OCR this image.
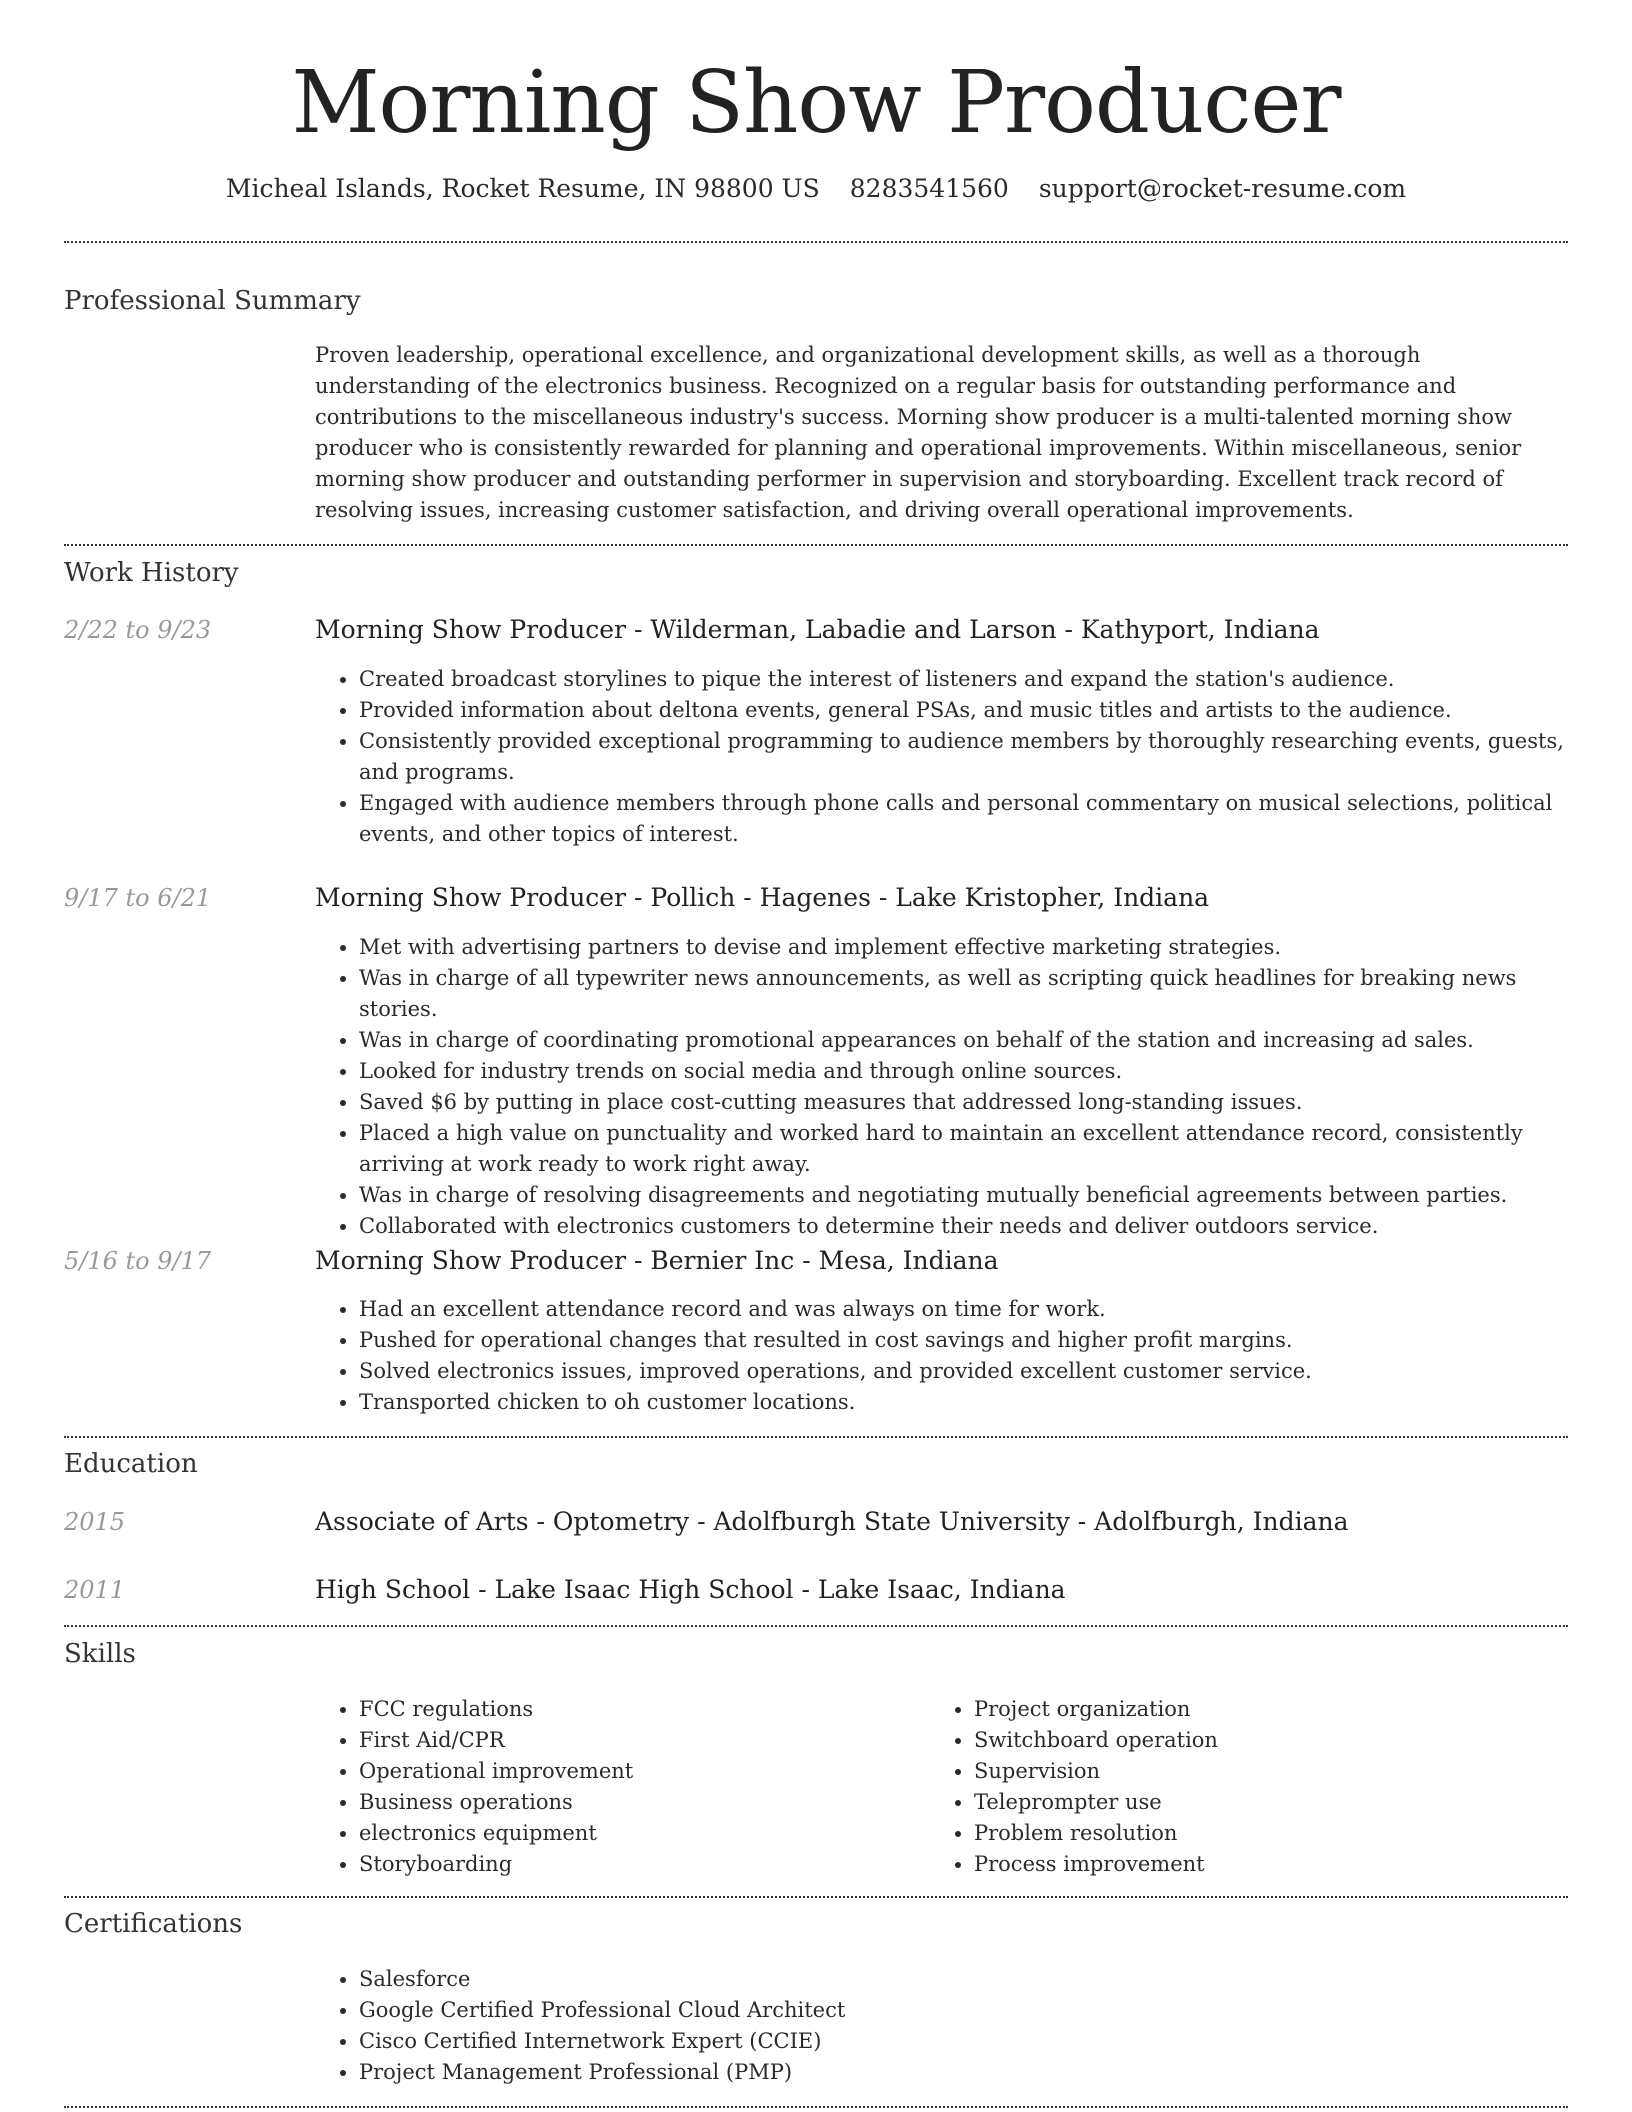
Morning Show Producer
Micheal Islands, Rocket Resume, IN 98800 US 8283541560 support@rocket-resume.com
Professional Summary

Proven leadership, operational excellence, and organizational development skills, as well as a thorough understanding of the electronics business. Recognized on a regular basis for outstanding performance and contributions to the miscellaneous industry's success. Morning show producer is a multi-talented morning show producer who is consistently rewarded for planning and operational improvements. Within miscellaneous, senior morning show producer and outstanding performer in supervision and storyboarding. Excellent track record of resolving issues, increasing customer satisfaction, and driving overall operational improvements.

Work History
2/22 to 9/23	Morning Show Producer - Wilderman, Labadie and Larson - Kathyport, Indiana
• Created broadcast storylines to pique the interest of listeners and expand the station's audience.
• Provided information about deltona events, general PSAs, and music titles and artists to the audience.
• Consistently provided exceptional programming to audience members by thoroughly researching events, guests, and programs.
• Engaged with audience members through phone calls and personal commentary on musical selections, political events, and other topics of interest.
9/17 to 6/21	Morning Show Producer - Pollich - Hagenes - Lake Kristopher, Indiana
• Met with advertising partners to devise and implement effective marketing strategies.
• Was in charge of all typewriter news announcements, as well as scripting quick headlines for breaking news stories.
• Was in charge of coordinating promotional appearances on behalf of the station and increasing ad sales.
• Looked for industry trends on social media and through online sources.
• Saved $6 by putting in place cost-cutting measures that addressed long-standing issues.
• Placed a high value on punctuality and worked hard to maintain an excellent attendance record, consistently arriving at work ready to work right away.
• Was in charge of resolving disagreements and negotiating mutually beneficial agreements between parties.
• Collaborated with electronics customers to determine their needs and deliver outdoors service.
5/16 to 9/17	Morning Show Producer - Bernier Inc - Mesa, Indiana
• Had an excellent attendance record and was always on time for work.
• Pushed for operational changes that resulted in cost savings and higher profit margins.
• Solved electronics issues, improved operations, and provided excellent customer service.
• Transported chicken to oh customer locations.
Education
2015	Associate of Arts - Optometry - Adolfburgh State University - Adolfburgh, Indiana
2011	High School - Lake Isaac High School - Lake Isaac, Indiana
Skills
• FCC regulations
• First Aid/CPR
• Operational improvement
• Business operations
• electronics equipment
• Storyboarding
• Project organization
• Switchboard operation
• Supervision
• Teleprompter use
• Problem resolution
• Process improvement
Certifications
• Salesforce
• Google Certified Professional Cloud Architect
• Cisco Certified Internetwork Expert (CCIE)
• Project Management Professional (PMP)
